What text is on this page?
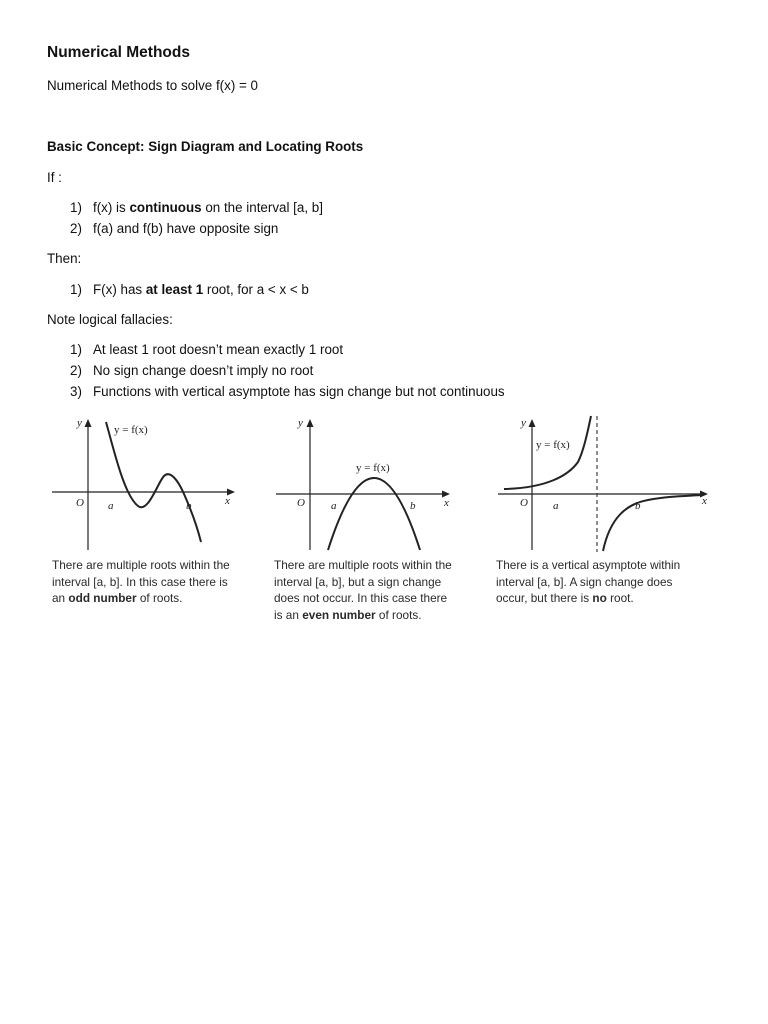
Numerical Methods

Numerical Methods to solve f(x) = 0

Basic Concept: Sign Diagram and Locating Roots

If :

1) f(x) is continuous on the interval [a, b]
2) f(a) and f(b) have opposite sign

Then:

1) F(x) has at least 1 root, for a < x < b

Note logical fallacies:

1) At least 1 root doesn’t mean exactly 1 root
2) No sign change doesn’t imply no root
3) Functions with vertical asymptote has sign change but not continuous
y
x
O a	b
y = f(x)
There are multiple roots within the
interval [a, b]. In this case there is
an odd number of roots.
y
x
O a	b
y = f(x)
There are multiple roots within the
interval [a, b], but a sign change
does not occur. In this case there
is an even number of roots.
y
x
O a	b
y = f(x)
There is a vertical asymptote within
interval [a, b]. A sign change does
occur, but there is no root.
